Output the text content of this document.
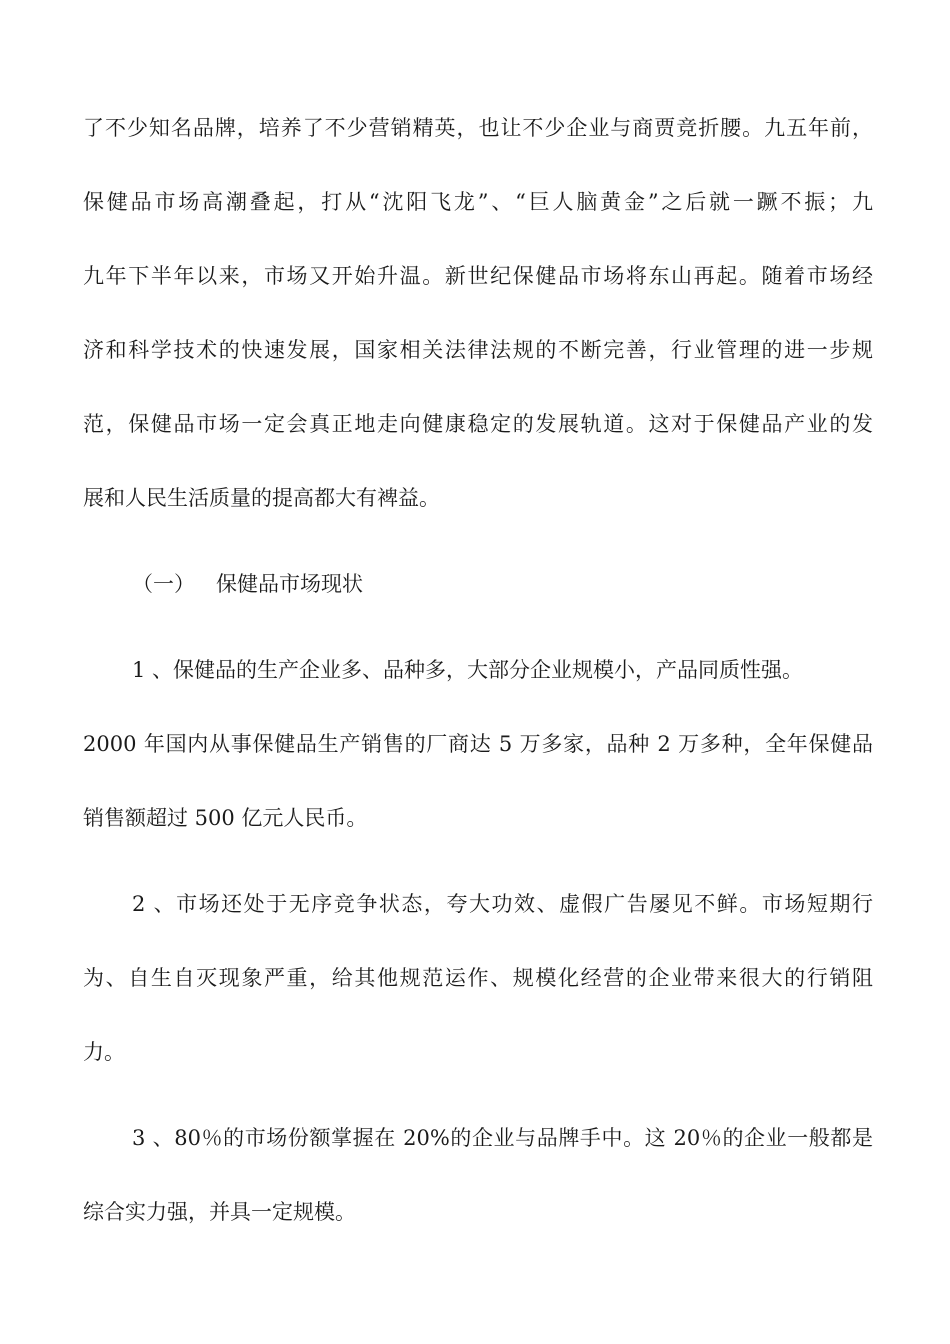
了不少知名品牌，培养了不少营销精英，也让不少企业与商贾竞折腰。九五年前，
保健品市场高潮叠起，打从“沈阳飞龙”、“巨人脑黄金”之后就一蹶不振；九
九年下半年以来，市场又开始升温。新世纪保健品市场将东山再起。随着市场经
济和科学技术的快速发展，国家相关法律法规的不断完善，行业管理的进一步规
范，保健品市场一定会真正地走向健康稳定的发展轨道。这对于保健品产业的发
展和人民生活质量的提高都大有裨益。
（一） 保健品市场现状
1 、保健品的生产企业多、品种多，大部分企业规模小，产品同质性强。
2000 年国内从事保健品生产销售的厂商达 5 万多家，品种 2 万多种，全年保健品
销售额超过 500 亿元人民币。
2 、市场还处于无序竞争状态，夸大功效、虚假广告屡见不鲜。市场短期行
为、自生自灭现象严重，给其他规范运作、规模化经营的企业带来很大的行销阻
力。
3 、80％的市场份额掌握在 20%的企业与品牌手中。这 20％的企业一般都是
综合实力强，并具一定规模。
